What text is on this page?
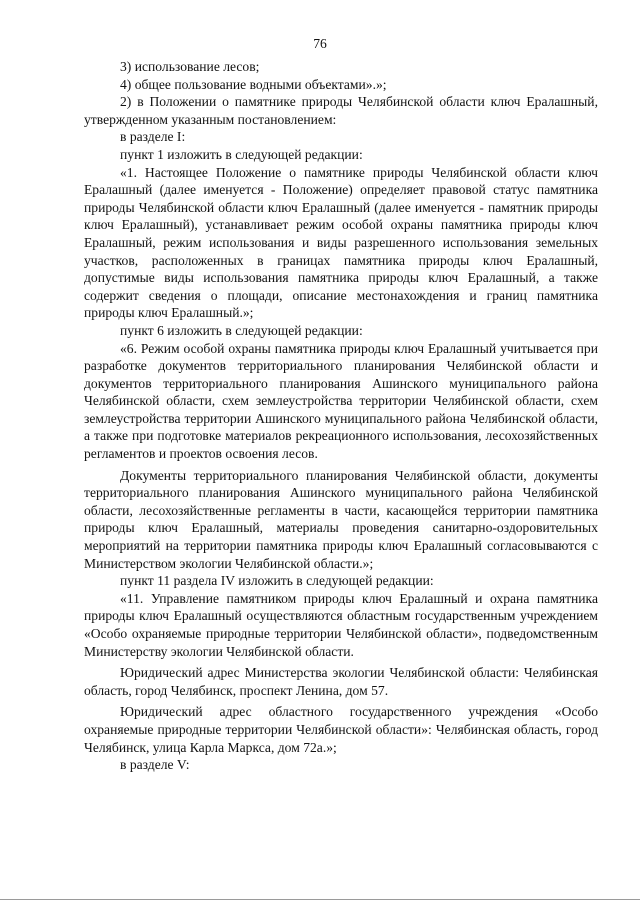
76

3) использование лесов;

4) общее пользование водными объектами».»;

2) в Положении о памятнике природы Челябинской области ключ Ералашный, утвержденном указанным постановлением:

в разделе I:

пункт 1 изложить в следующей редакции:

«1. Настоящее Положение о памятнике природы Челябинской области ключ Ералашный (далее именуется - Положение) определяет правовой статус памятника природы Челябинской области ключ Ералашный (далее именуется - памятник природы ключ Ералашный), устанавливает режим особой охраны памятника природы ключ Ералашный, режим использования и виды разрешенного использования земельных участков, расположенных в границах памятника природы ключ Ералашный, допустимые виды использования памятника природы ключ Ералашный, а также содержит сведения о площади, описание местонахождения и границ памятника природы ключ Ералашный.»;

пункт 6 изложить в следующей редакции:

«6. Режим особой охраны памятника природы ключ Ералашный учитывается при разработке документов территориального планирования Челябинской области и документов территориального планирования Ашинского муниципального района Челябинской области, схем землеустройства территории Челябинской области, схем землеустройства территории Ашинского муниципального района Челябинской области, а также при подготовке материалов рекреационного использования, лесохозяйственных регламентов и проектов освоения лесов.

Документы территориального планирования Челябинской области, документы территориального планирования Ашинского муниципального района Челябинской области, лесохозяйственные регламенты в части, касающейся территории памятника природы ключ Ералашный, материалы проведения санитарно-оздоровительных мероприятий на территории памятника природы ключ Ералашный согласовываются с Министерством экологии Челябинской области.»;

пункт 11 раздела IV изложить в следующей редакции:

«11. Управление памятником природы ключ Ералашный и охрана памятника природы ключ Ералашный осуществляются областным государственным учреждением «Особо охраняемые природные территории Челябинской области», подведомственным Министерству экологии Челябинской области.

Юридический адрес Министерства экологии Челябинской области: Челябинская область, город Челябинск, проспект Ленина, дом 57.

Юридический адрес областного государственного учреждения «Особо охраняемые природные территории Челябинской области»: Челябинская область, город Челябинск, улица Карла Маркса, дом 72а.»;

в разделе V:
